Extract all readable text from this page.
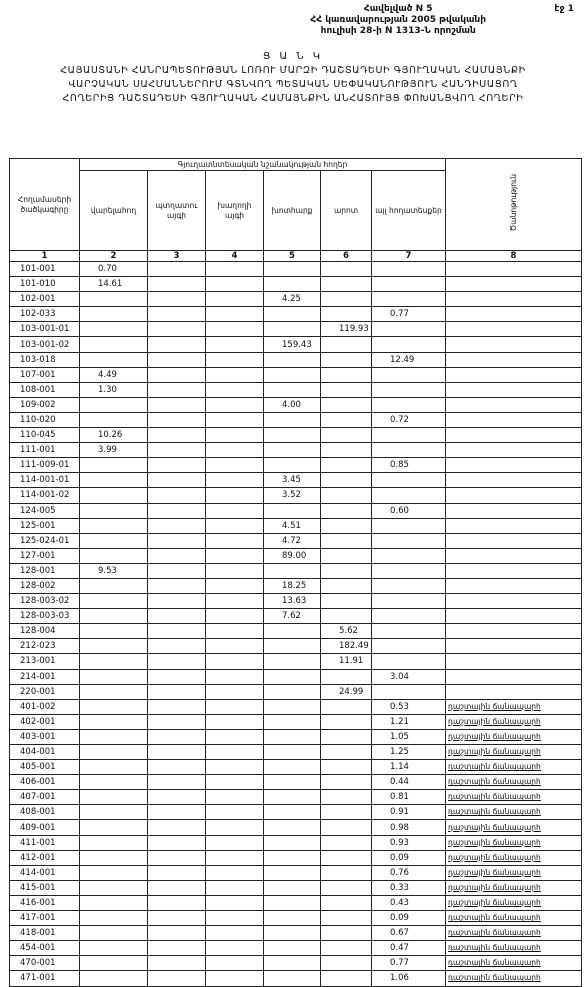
Հավելված N 5
ՀՀ կառավարության 2005 թվականի
հուլիսի 28-ի N 1313-Ն որոշման
էջ 1
Ց Ա Ն Կ
ՀԱՅԱՍՏԱՆԻ ՀԱՆՐԱՊԵՏՈՒԹՅԱՆ ԼՈՌՈՒ ՄԱՐԶԻ ԴԱՇՏԱԴԵՍԻ ԳՅՈՒՂԱԿԱՆ ՀԱՄԱՅՆՔԻ
ՎԱՐՉԱԿԱՆ ՍԱՀՄԱՆՆԵՐՈՒՄ ԳՏՆՎՈՂ ՊԵՏԱԿԱՆ ՍԵՓԱԿԱՆՈՒԹՅՈՒՆ ՀԱՆԴԻՍԱՑՈՂ
ՀՈՂԵՐԻՑ ԴԱՇՏԱԴԵՍԻ ԳՅՈՒՂԱԿԱՆ ՀԱՄԱՅՆՔԻՆ ԱՆՀԱՏՈՒՅՑ ՓՈԽԱՆՑՎՈՂ ՀՈՂԵՐԻ
Հողամասերի ծածկագիրը	Գյուղատնտեսական նշանակության հողեր						Ծանոթություն
	վարելահող	պտղատու այգի	խաղողի այգի	խոտհարք	արոտ	այլ հողատեսքեր	
1	2	3	4	5	6	7	8
101-001	0.70						
101-010	14.61						
102-001				4.25			
102-033						0.77	
103-001-01					119.93		
103-001-02				159.43			
103-018						12.49	
107-001	4.49						
108-001	1.30						
109-002				4.00			
110-020						0.72	
110-045	10.26						
111-001	3.99						
111-009-01						0.85	
114-001-01				3.45			
114-001-02				3.52			
124-005						0.60	
125-001				4.51			
125-024-01				4.72			
127-001				89.00			
128-001	9.53						
128-002				18.25			
128-003-02				13.63			
128-003-03				7.62			
128-004					5.62		
212-023					182.49		
213-001					11.91		
214-001						3.04	
220-001					24.99		
401-002						0.53	դաշտային ճանապարհ
402-001						1.21	դաշտային ճանապարհ
403-001						1.05	դաշտային ճանապարհ
404-001						1.25	դաշտային ճանապարհ
405-001						1.14	դաշտային ճանապարհ
406-001						0.44	դաշտային ճանապարհ
407-001						0.81	դաշտային ճանապարհ
408-001						0.91	դաշտային ճանապարհ
409-001						0.98	դաշտային ճանապարհ
411-001						0.93	դաշտային ճանապարհ
412-001						0.09	դաշտային ճանապարհ
414-001						0.76	դաշտային ճանապարհ
415-001						0.33	դաշտային ճանապարհ
416-001						0.43	դաշտային ճանապարհ
417-001						0.09	դաշտային ճանապարհ
418-001						0.67	դաշտային ճանապարհ
454-001						0.47	դաշտային ճանապարհ
470-001						0.77	դաշտային ճանապարհ
471-001						1.06	դաշտային ճանապարհ
